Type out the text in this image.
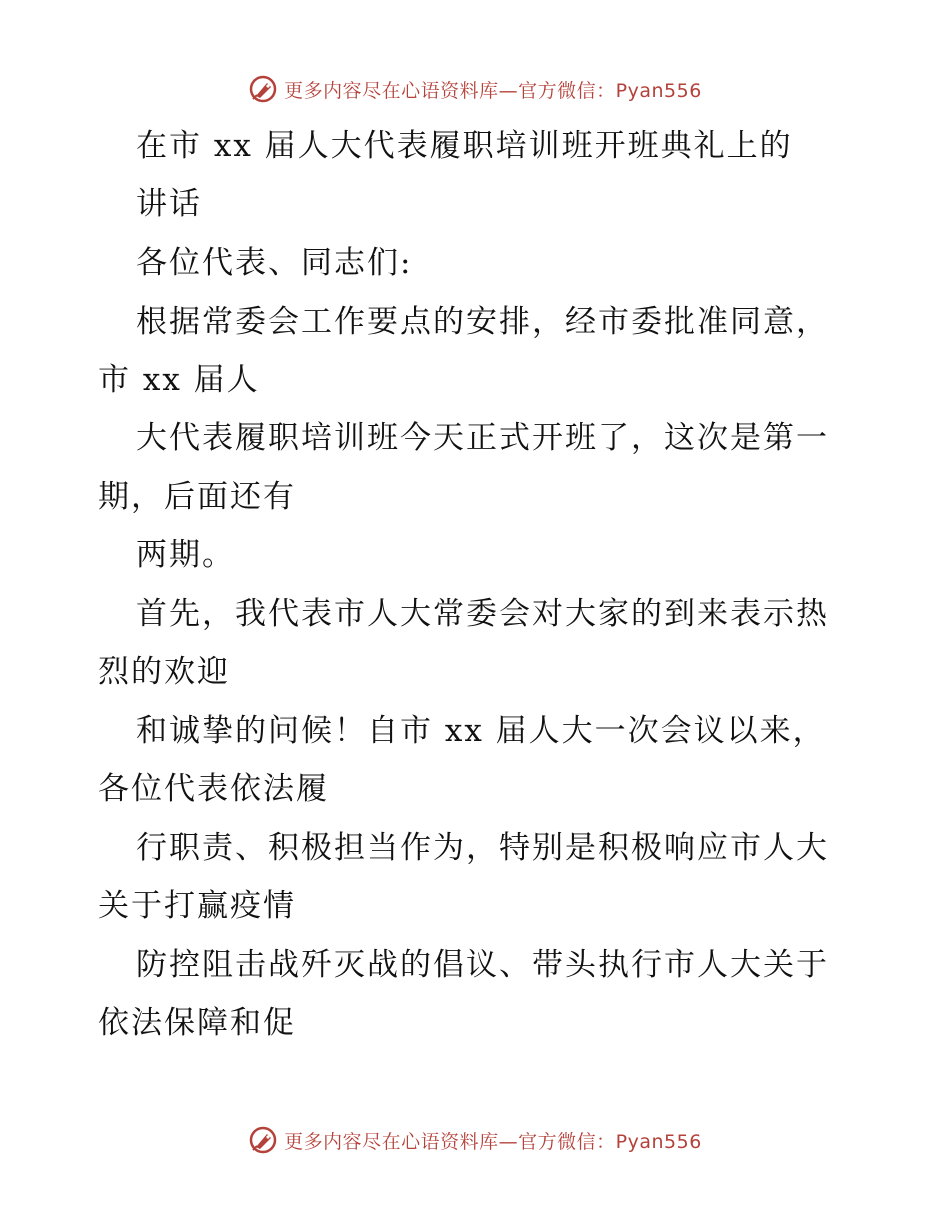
更多内容尽在心语资料库—官方微信：Pyan556
在市 xx 届人大代表履职培训班开班典礼上的
讲话
各位代表、同志们:
根据常委会工作要点的安排，经市委批准同意，
市 xx 届人
大代表履职培训班今天正式开班了，这次是第一
期，后面还有
两期。
首先，我代表市人大常委会对大家的到来表示热
烈的欢迎
和诚挚的问候！自市 xx 届人大一次会议以来，
各位代表依法履
行职责、积极担当作为，特别是积极响应市人大
关于打赢疫情
防控阻击战歼灭战的倡议、带头执行市人大关于
依法保障和促
更多内容尽在心语资料库—官方微信：Pyan556
